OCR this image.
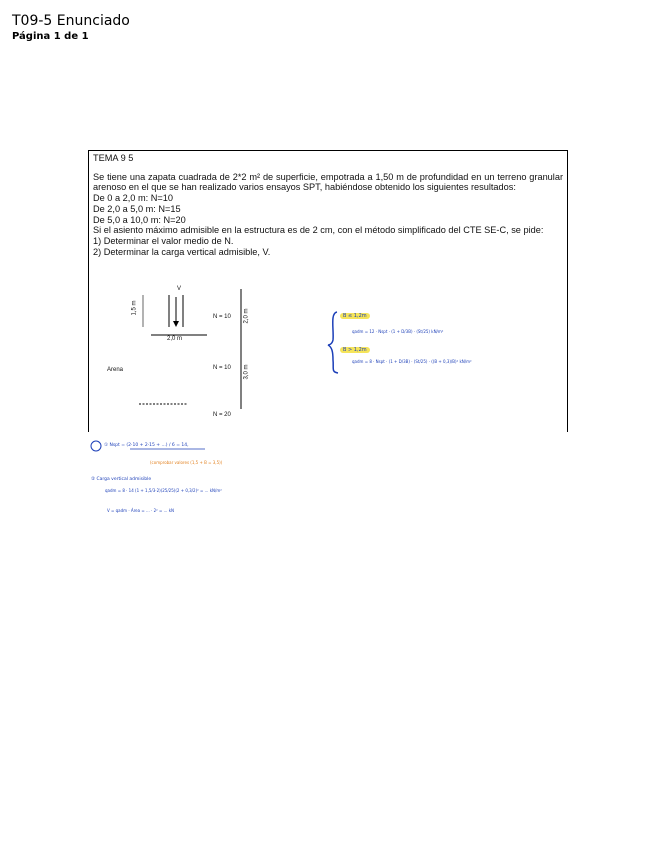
T09-5 Enunciado
Página 1 de 1

TEMA 9 5

Se tiene una zapata cuadrada de 2*2 m² de superficie, empotrada a 1,50 m de profundidad en un terreno granular arenoso en el que se han realizado varios ensayos SPT, habiéndose obtenido los siguientes resultados:

De 0 a 2,0 m: N=10

De 2,0 a 5,0 m: N=15

De 5,0 a 10,0 m: N=20

Si el asiento máximo admisible en la estructura es de 2 cm, con el método simplificado del CTE SE-C, se pide:

1) Determinar el valor medio de N.

2) Determinar la carga vertical admisible, V.

V
1,5 m
2,0 m
N = 10
N = 10
N = 20
Arena
2,0 m
3,0 m
B ≤ 1,2m
qadm = 12 · Nspt · (1 + D/3B) · (St/25) kN/m²
B > 1,2m
qadm = 8 · Nspt · (1 + D/3B) · (St/25) · ((B + 0,3)/B)² kN/m²
① Nspt = (2·10 + 2·15 + ...) / 6 = 14,
(comprobar valores (1,5 + B = 3,5))
② Carga vertical admisible
qadm = 8 · 14 (1 + 1,5/3·2)(25/25)(2 + 0,3/2)² = ... kN/m²
V = qadm · Área = ... · 2² = ... kN
